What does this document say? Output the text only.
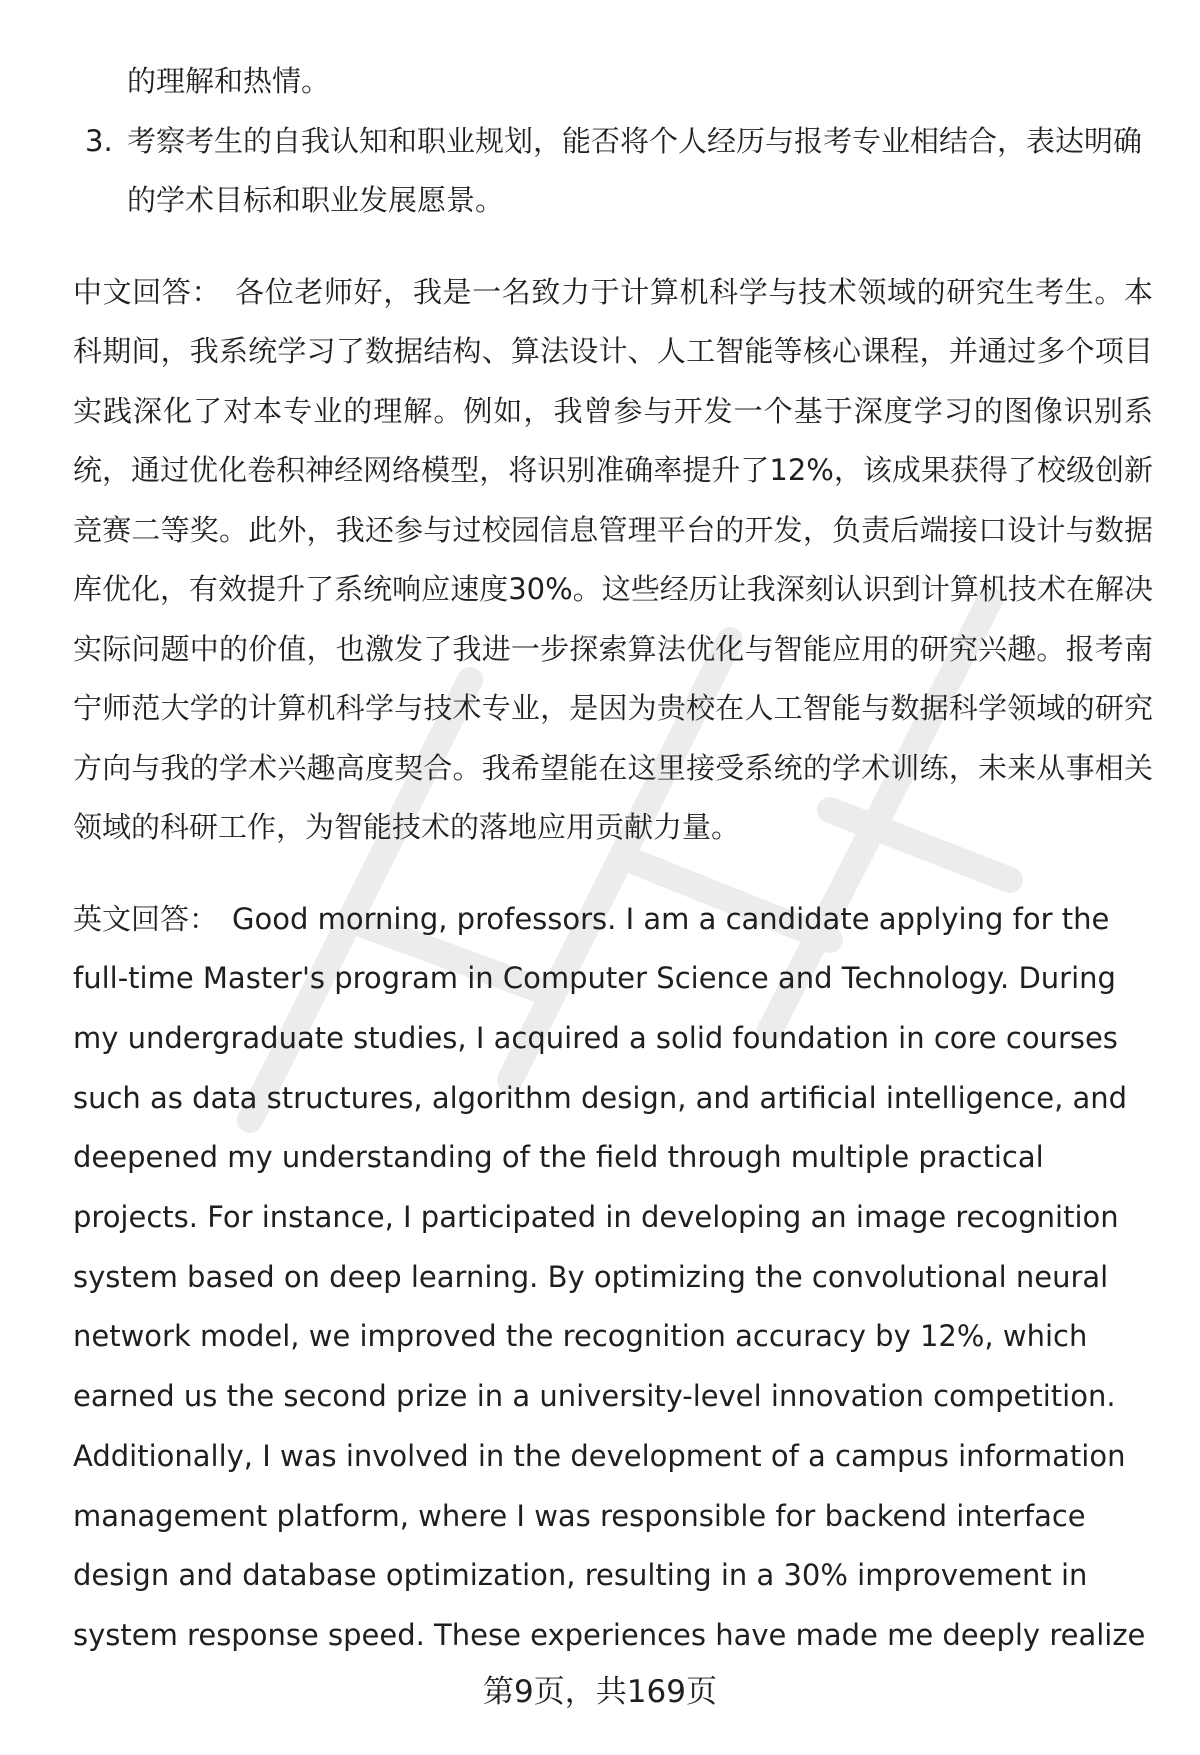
的理解和热情。

3. 考察考生的自我认知和职业规划，能否将个人经历与报考专业相结合，表达明确的学术目标和职业发展愿景。

中文回答： 各位老师好，我是一名致力于计算机科学与技术领域的研究生考生。本科期间，我系统学习了数据结构、算法设计、人工智能等核心课程，并通过多个项目实践深化了对本专业的理解。例如，我曾参与开发一个基于深度学习的图像识别系统，通过优化卷积神经网络模型，将识别准确率提升了12%，该成果获得了校级创新竞赛二等奖。此外，我还参与过校园信息管理平台的开发，负责后端接口设计与数据库优化，有效提升了系统响应速度30%。这些经历让我深刻认识到计算机技术在解决实际问题中的价值，也激发了我进一步探索算法优化与智能应用的研究兴趣。报考南宁师范大学的计算机科学与技术专业，是因为贵校在人工智能与数据科学领域的研究方向与我的学术兴趣高度契合。我希望能在这里接受系统的学术训练，未来从事相关领域的科研工作，为智能技术的落地应用贡献力量。

英文回答： Good morning, professors. I am a candidate applying for the full-time Master's program in Computer Science and Technology. During my undergraduate studies, I acquired a solid foundation in core courses such as data structures, algorithm design, and artificial intelligence, and deepened my understanding of the field through multiple practical projects. For instance, I participated in developing an image recognition system based on deep learning. By optimizing the convolutional neural network model, we improved the recognition accuracy by 12%, which earned us the second prize in a university-level innovation competition. Additionally, I was involved in the development of a campus information management platform, where I was responsible for backend interface design and database optimization, resulting in a 30% improvement in system response speed. These experiences have made me deeply realize

第9页，共169页
